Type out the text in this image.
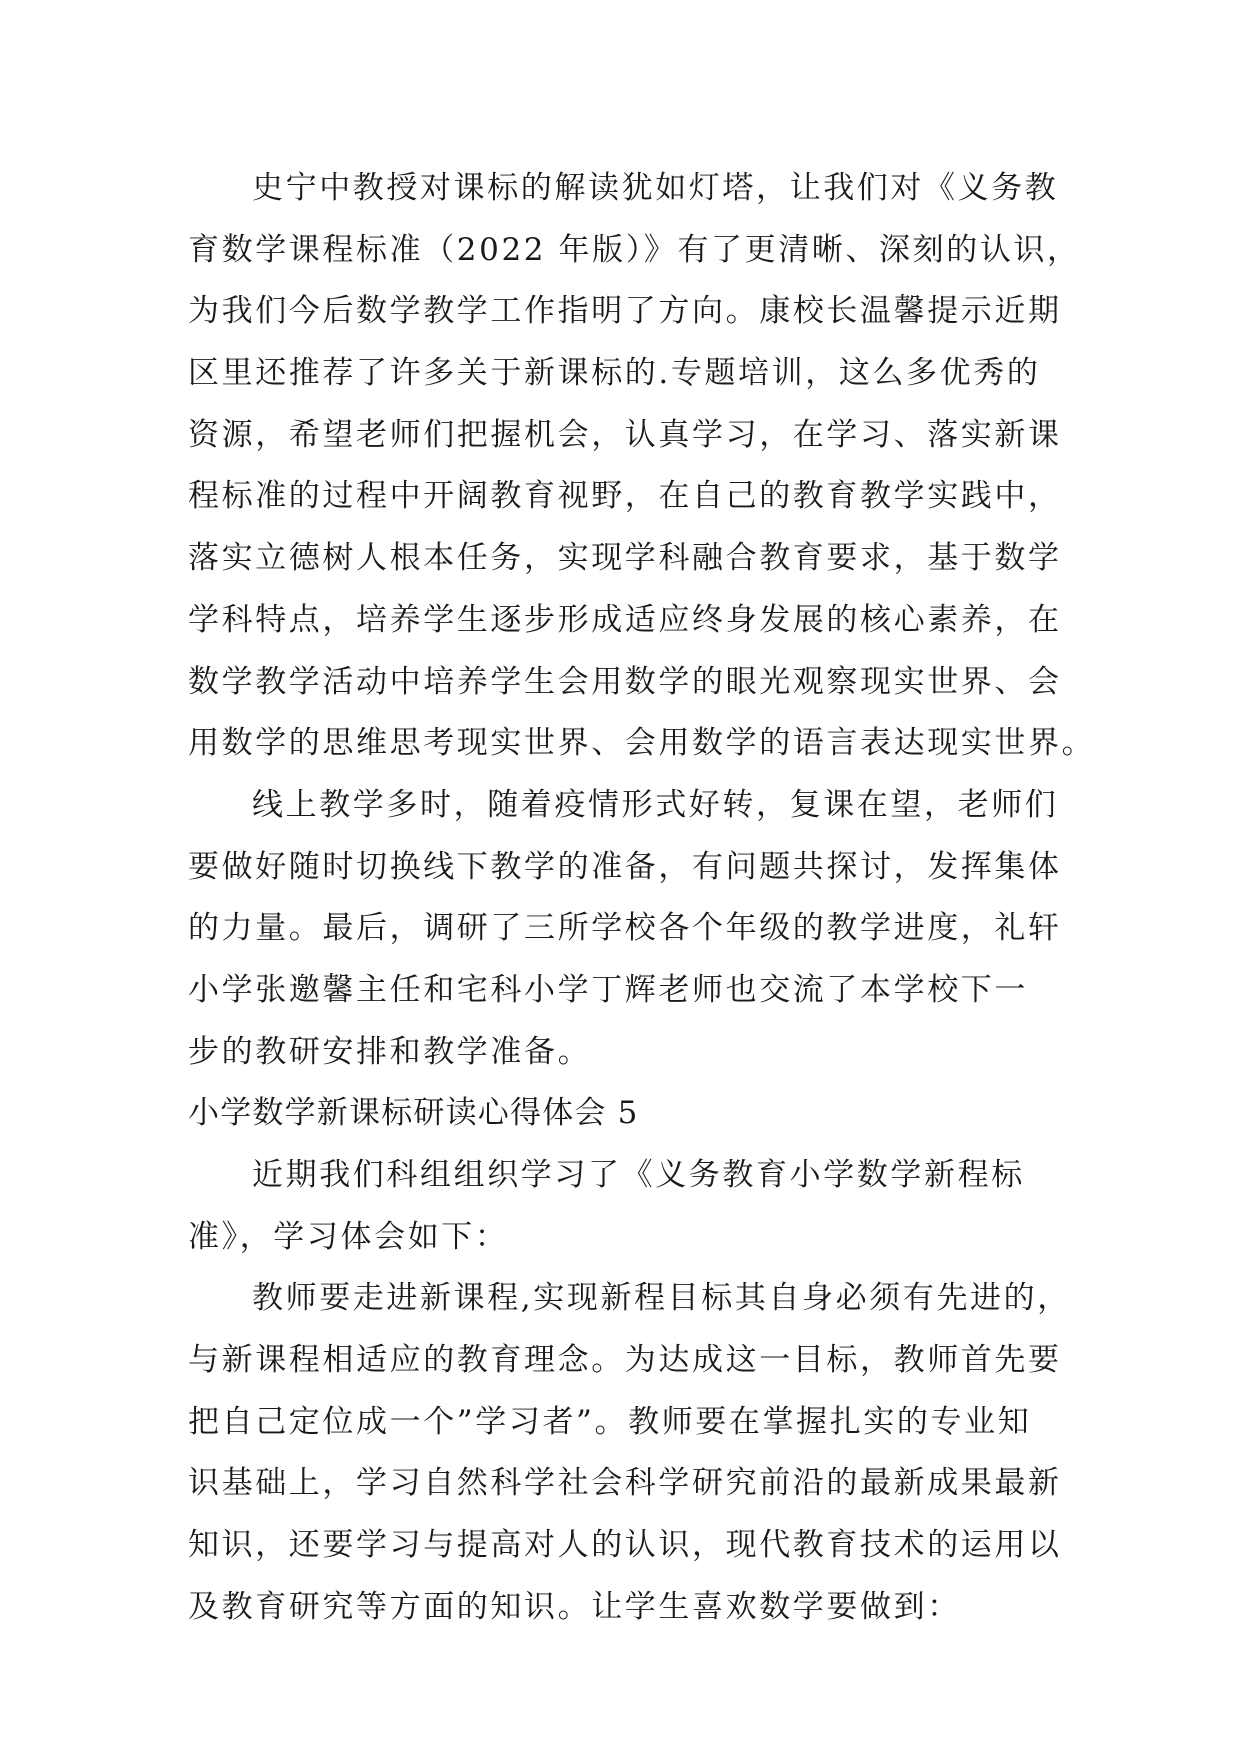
史宁中教授对课标的解读犹如灯塔，让我们对《义务教
育数学课程标准（2022 年版）》有了更清晰、深刻的认识，
为我们今后数学教学工作指明了方向。康校长温馨提示近期
区里还推荐了许多关于新课标的.专题培训，这么多优秀的
资源，希望老师们把握机会，认真学习，在学习、落实新课
程标准的过程中开阔教育视野，在自己的教育教学实践中，
落实立德树人根本任务，实现学科融合教育要求，基于数学
学科特点，培养学生逐步形成适应终身发展的核心素养，在
数学教学活动中培养学生会用数学的眼光观察现实世界、会
用数学的思维思考现实世界、会用数学的语言表达现实世界。
线上教学多时，随着疫情形式好转，复课在望，老师们
要做好随时切换线下教学的准备，有问题共探讨，发挥集体
的力量。最后，调研了三所学校各个年级的教学进度，礼轩
小学张邀馨主任和宅科小学丁辉老师也交流了本学校下一
步的教研安排和教学准备。
小学数学新课标研读心得体会 5
近期我们科组组织学习了《义务教育小学数学新程标
准》，学习体会如下：
教师要走进新课程,实现新程目标其自身必须有先进的，
与新课程相适应的教育理念。为达成这一目标，教师首先要
把自己定位成一个”学习者”。教师要在掌握扎实的专业知
识基础上，学习自然科学社会科学研究前沿的最新成果最新
知识，还要学习与提高对人的认识，现代教育技术的运用以
及教育研究等方面的知识。让学生喜欢数学要做到：
